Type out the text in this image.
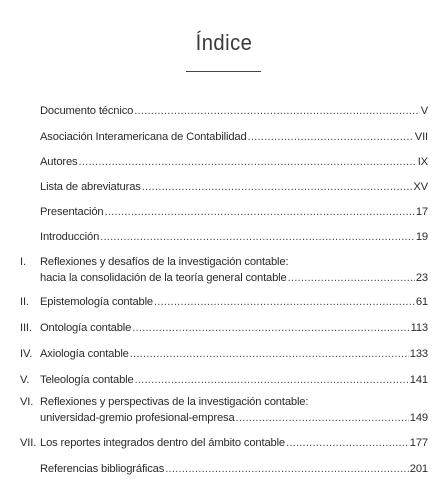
Índice
Documento técnico .....	V
Asociación Interamericana de Contabilidad .....	VII
Autores .....	IX
Lista de abreviaturas .....	XV
Presentación .....	17
Introducción .....	19
I. Reflexiones y desafíos de la investigación contable:
hacia la consolidación de la teoría general contable .....	23
II. Epistemología contable .....	61
III. Ontología contable .....	113
IV. Axiología contable .....	133
V. Teleología contable .....	141
VI. Reflexiones y perspectivas de la investigación contable:
universidad-gremio profesional-empresa .....	149
VII. Los reportes integrados dentro del ámbito contable .....	177
Referencias bibliográficas .....	201
